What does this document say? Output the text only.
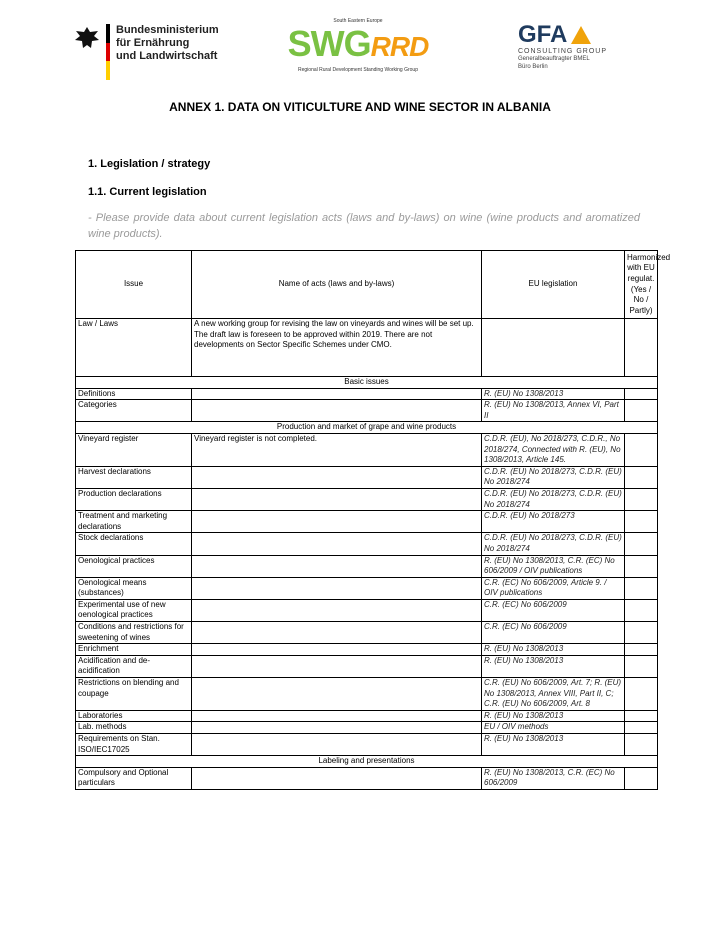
Bundesministerium
für Ernährung
und Landwirtschaft
South Eastern Europe
SWGRRD
Regional Rural Development Standing Working Group
GFA
CONSULTING GROUP
Generalbeauftragter BMEL
Büro Berlin
ANNEX 1. DATA ON VITICULTURE AND WINE SECTOR IN ALBANIA
1. Legislation / strategy
1.1. Current legislation
- Please provide data about current legislation acts (laws and by-laws) on wine (wine products and aromatized wine products).
Issue	Name of acts (laws and by-laws)	EU legislation	Harmonized with EU regulat. (Yes / No / Partly)
Law / Laws	A new working group for revising the law on vineyards and wines will be set up. The draft law is foreseen to be approved within 2019. There are not developments on Sector Specific Schemes under CMO.		
Basic issues			
Definitions		R. (EU) No 1308/2013	
Categories		R. (EU) No 1308/2013, Annex VI, Part II	
Production and market of grape and wine products			
Vineyard register	Vineyard register is not completed.	C.D.R. (EU), No 2018/273, C.D.R., No 2018/274, Connected with R. (EU), No 1308/2013, Article 145.	
Harvest declarations		C.D.R. (EU) No 2018/273, C.D.R. (EU) No 2018/274	
Production declarations		C.D.R. (EU) No 2018/273, C.D.R. (EU) No 2018/274	
Treatment and marketing declarations		C.D.R. (EU) No 2018/273	
Stock declarations		C.D.R. (EU) No 2018/273, C.D.R. (EU) No 2018/274	
Oenological practices		R. (EU) No 1308/2013, C.R. (EC) No 606/2009 / OIV publications	
Oenological means (substances)		C.R. (EC) No 606/2009, Article 9. / OIV publications	
Experimental use of new oenological practices		C.R. (EC) No 606/2009	
Conditions and restrictions for sweetening of wines		C.R. (EC) No 606/2009	
Enrichment		R. (EU) No 1308/2013	
Acidification and de-acidification		R. (EU) No 1308/2013	
Restrictions on blending and coupage		C.R. (EU) No 606/2009, Art. 7; R. (EU) No 1308/2013, Annex VIII, Part II, C; C.R. (EU) No 606/2009, Art. 8	
Laboratories		R. (EU) No 1308/2013	
Lab. methods		EU / OIV methods	
Requirements on Stan. ISO/IEC17025		R. (EU) No 1308/2013	
Labeling and presentations			
Compulsory and Optional particulars		R. (EU) No 1308/2013, C.R. (EC) No 606/2009	
